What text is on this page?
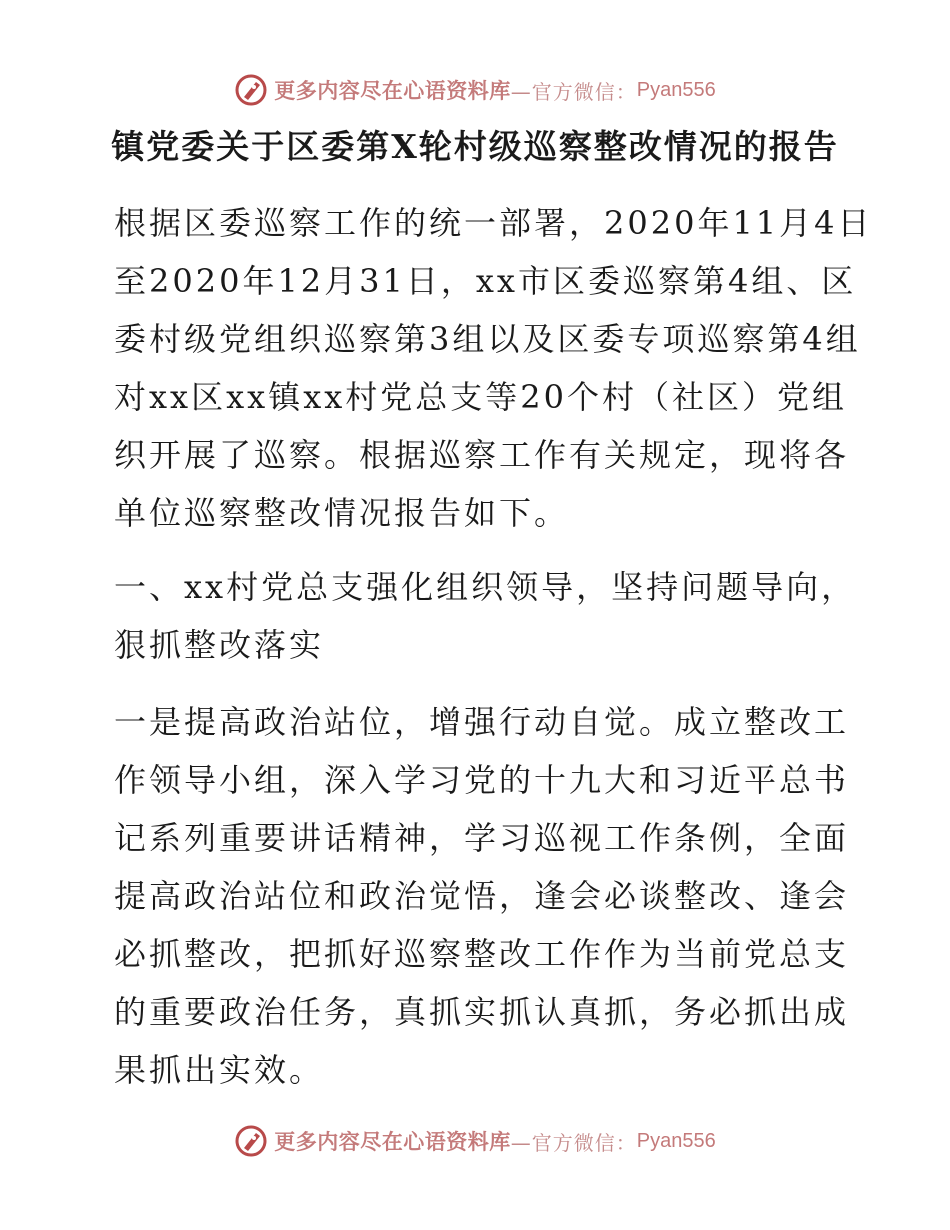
更多内容尽在心语资料库 —官方微信： Pyan556
镇党委关于区委第X轮村级巡察整改情况的报告

根据区委巡察工作的统一部署，2020年11月4日至2020年12月31日，xx市区委巡察第4组、区委村级党组织巡察第3组以及区委专项巡察第4组对xx区xx镇xx村党总支等20个村（社区）党组织开展了巡察。根据巡察工作有关规定，现将各单位巡察整改情况报告如下。

一、xx村党总支强化组织领导，坚持问题导向，狠抓整改落实

一是提高政治站位，增强行动自觉。成立整改工作领导小组，深入学习党的十九大和习近平总书记系列重要讲话精神，学习巡视工作条例，全面提高政治站位和政治觉悟，逢会必谈整改、逢会必抓整改，把抓好巡察整改工作作为当前党总支的重要政治任务，真抓实抓认真抓，务必抓出成果抓出实效。

更多内容尽在心语资料库 —官方微信： Pyan556
